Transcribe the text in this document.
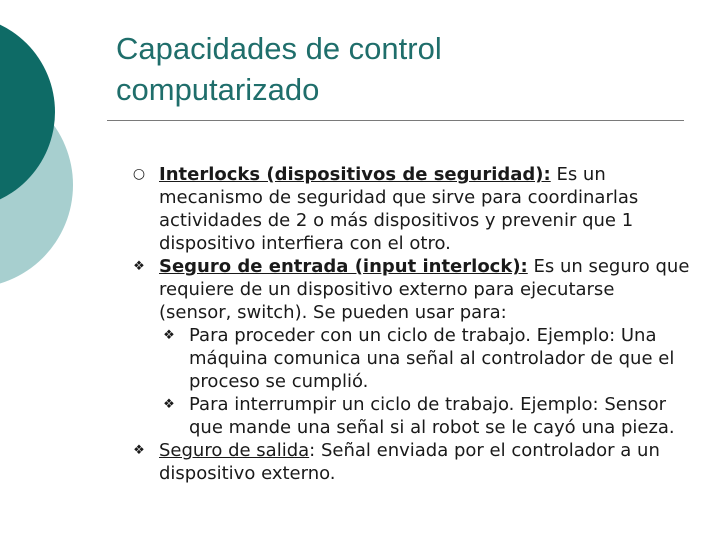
Capacidades de control
computarizado
○ Interlocks (dispositivos de seguridad): Es un mecanismo de seguridad que sirve para coordinarlas actividades de 2 o más dispositivos y prevenir que 1 dispositivo interfiera con el otro.
❖ Seguro de entrada (input interlock): Es un seguro que requiere de un dispositivo externo para ejecutarse (sensor, switch). Se pueden usar para:
❖ Para proceder con un ciclo de trabajo. Ejemplo: Una máquina comunica una señal al controlador de que el proceso se cumplió.
❖ Para interrumpir un ciclo de trabajo. Ejemplo: Sensor que mande una señal si al robot se le cayó una pieza.
❖ Seguro de salida: Señal enviada por el controlador a un dispositivo externo.
